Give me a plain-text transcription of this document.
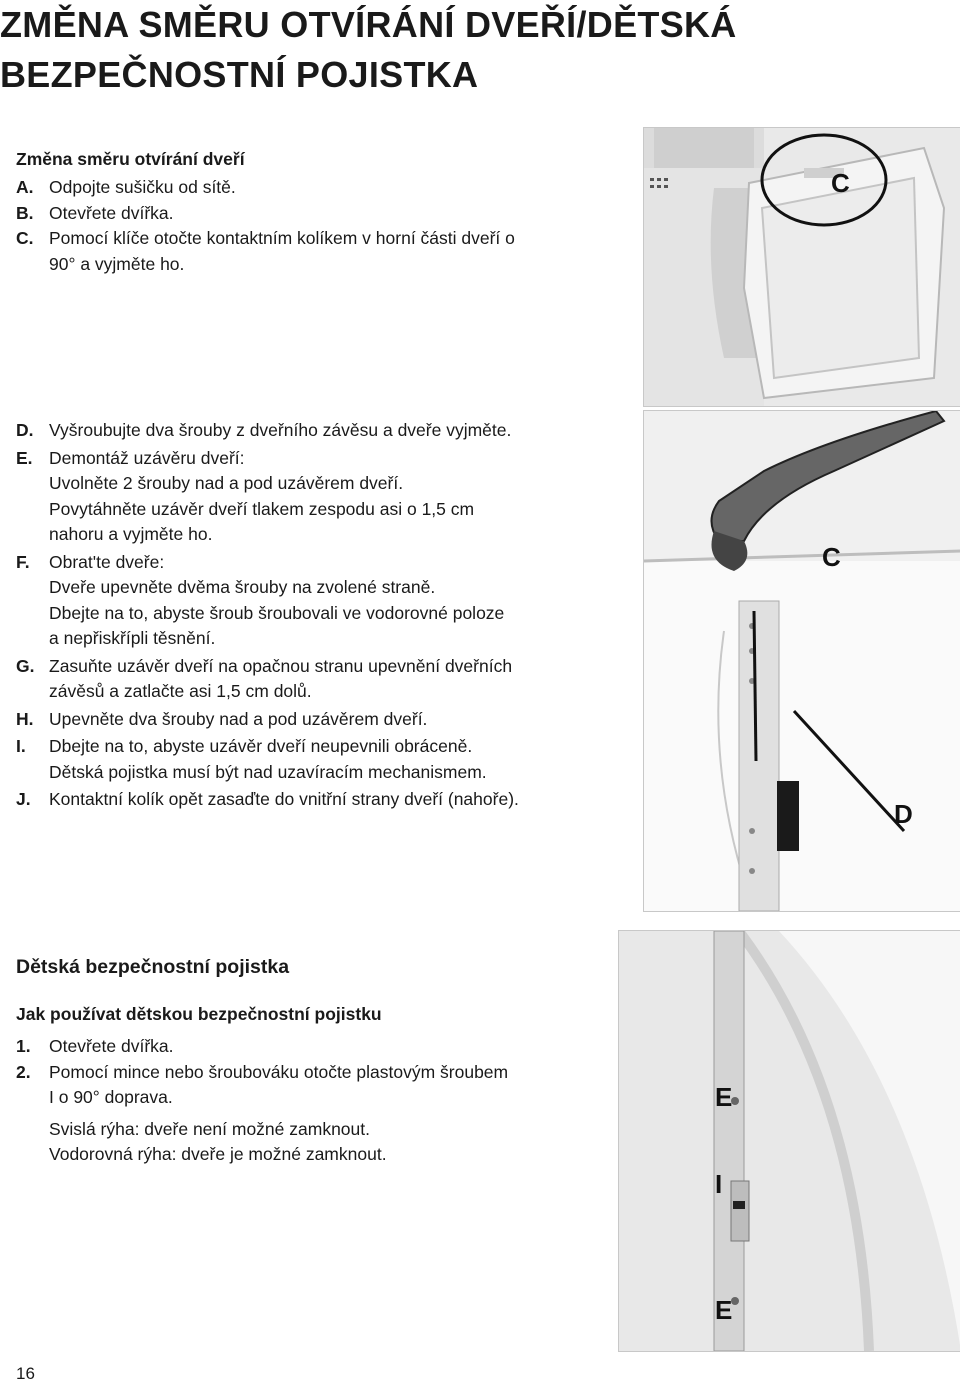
ZMĚNA SMĚRU OTVÍRÁNÍ DVEŘÍ/DĚTSKÁ
BEZPEČNOSTNÍ POJISTKA
Změna směru otvírání dveří
A. Odpojte sušičku od sítě.
B. Otevřete dvířka.
C. Pomocí klíče otočte kontaktním kolíkem v horní části dveří o
90° a vyjměte ho.
D. Vyšroubujte dva šrouby z dveřního závěsu a dveře vyjměte.
E. Demontáž uzávěru dveří:
Uvolněte 2 šrouby nad a pod uzávěrem dveří.
Povytáhněte uzávěr dveří tlakem zespodu asi o 1,5 cm
nahoru a vyjměte ho.
F.	Obrat'te dveře:
Dveře upevněte dvěma šrouby na zvolené straně.
Dbejte na to, abyste šroub šroubovali ve vodorovné poloze
a nepřiskřípli těsnění.
G. Zasuňte uzávěr dveří na opačnou stranu upevnění dveřních
závěsů a zatlačte asi 1,5 cm dolů.
H. Upevněte dva šrouby nad a pod uzávěrem dveří.
I.	Dbejte na to, abyste uzávěr dveří neupevnili obráceně.
Dětská pojistka musí být nad uzavíracím mechanismem.
J.	Kontaktní kolík opět zasaďte do vnitřní strany dveří (nahoře).
Dětská bezpečnostní pojistka
Jak používat dětskou bezpečnostní pojistku
1.	Otevřete dvířka.
2.	Pomocí mince nebo šroubováku otočte plastovým šroubem
I o 90° doprava.
Svislá rýha: dveře není možné zamknout.
Vodorovná rýha: dveře je možné zamknout.
C
C
D
E
I
E
16
